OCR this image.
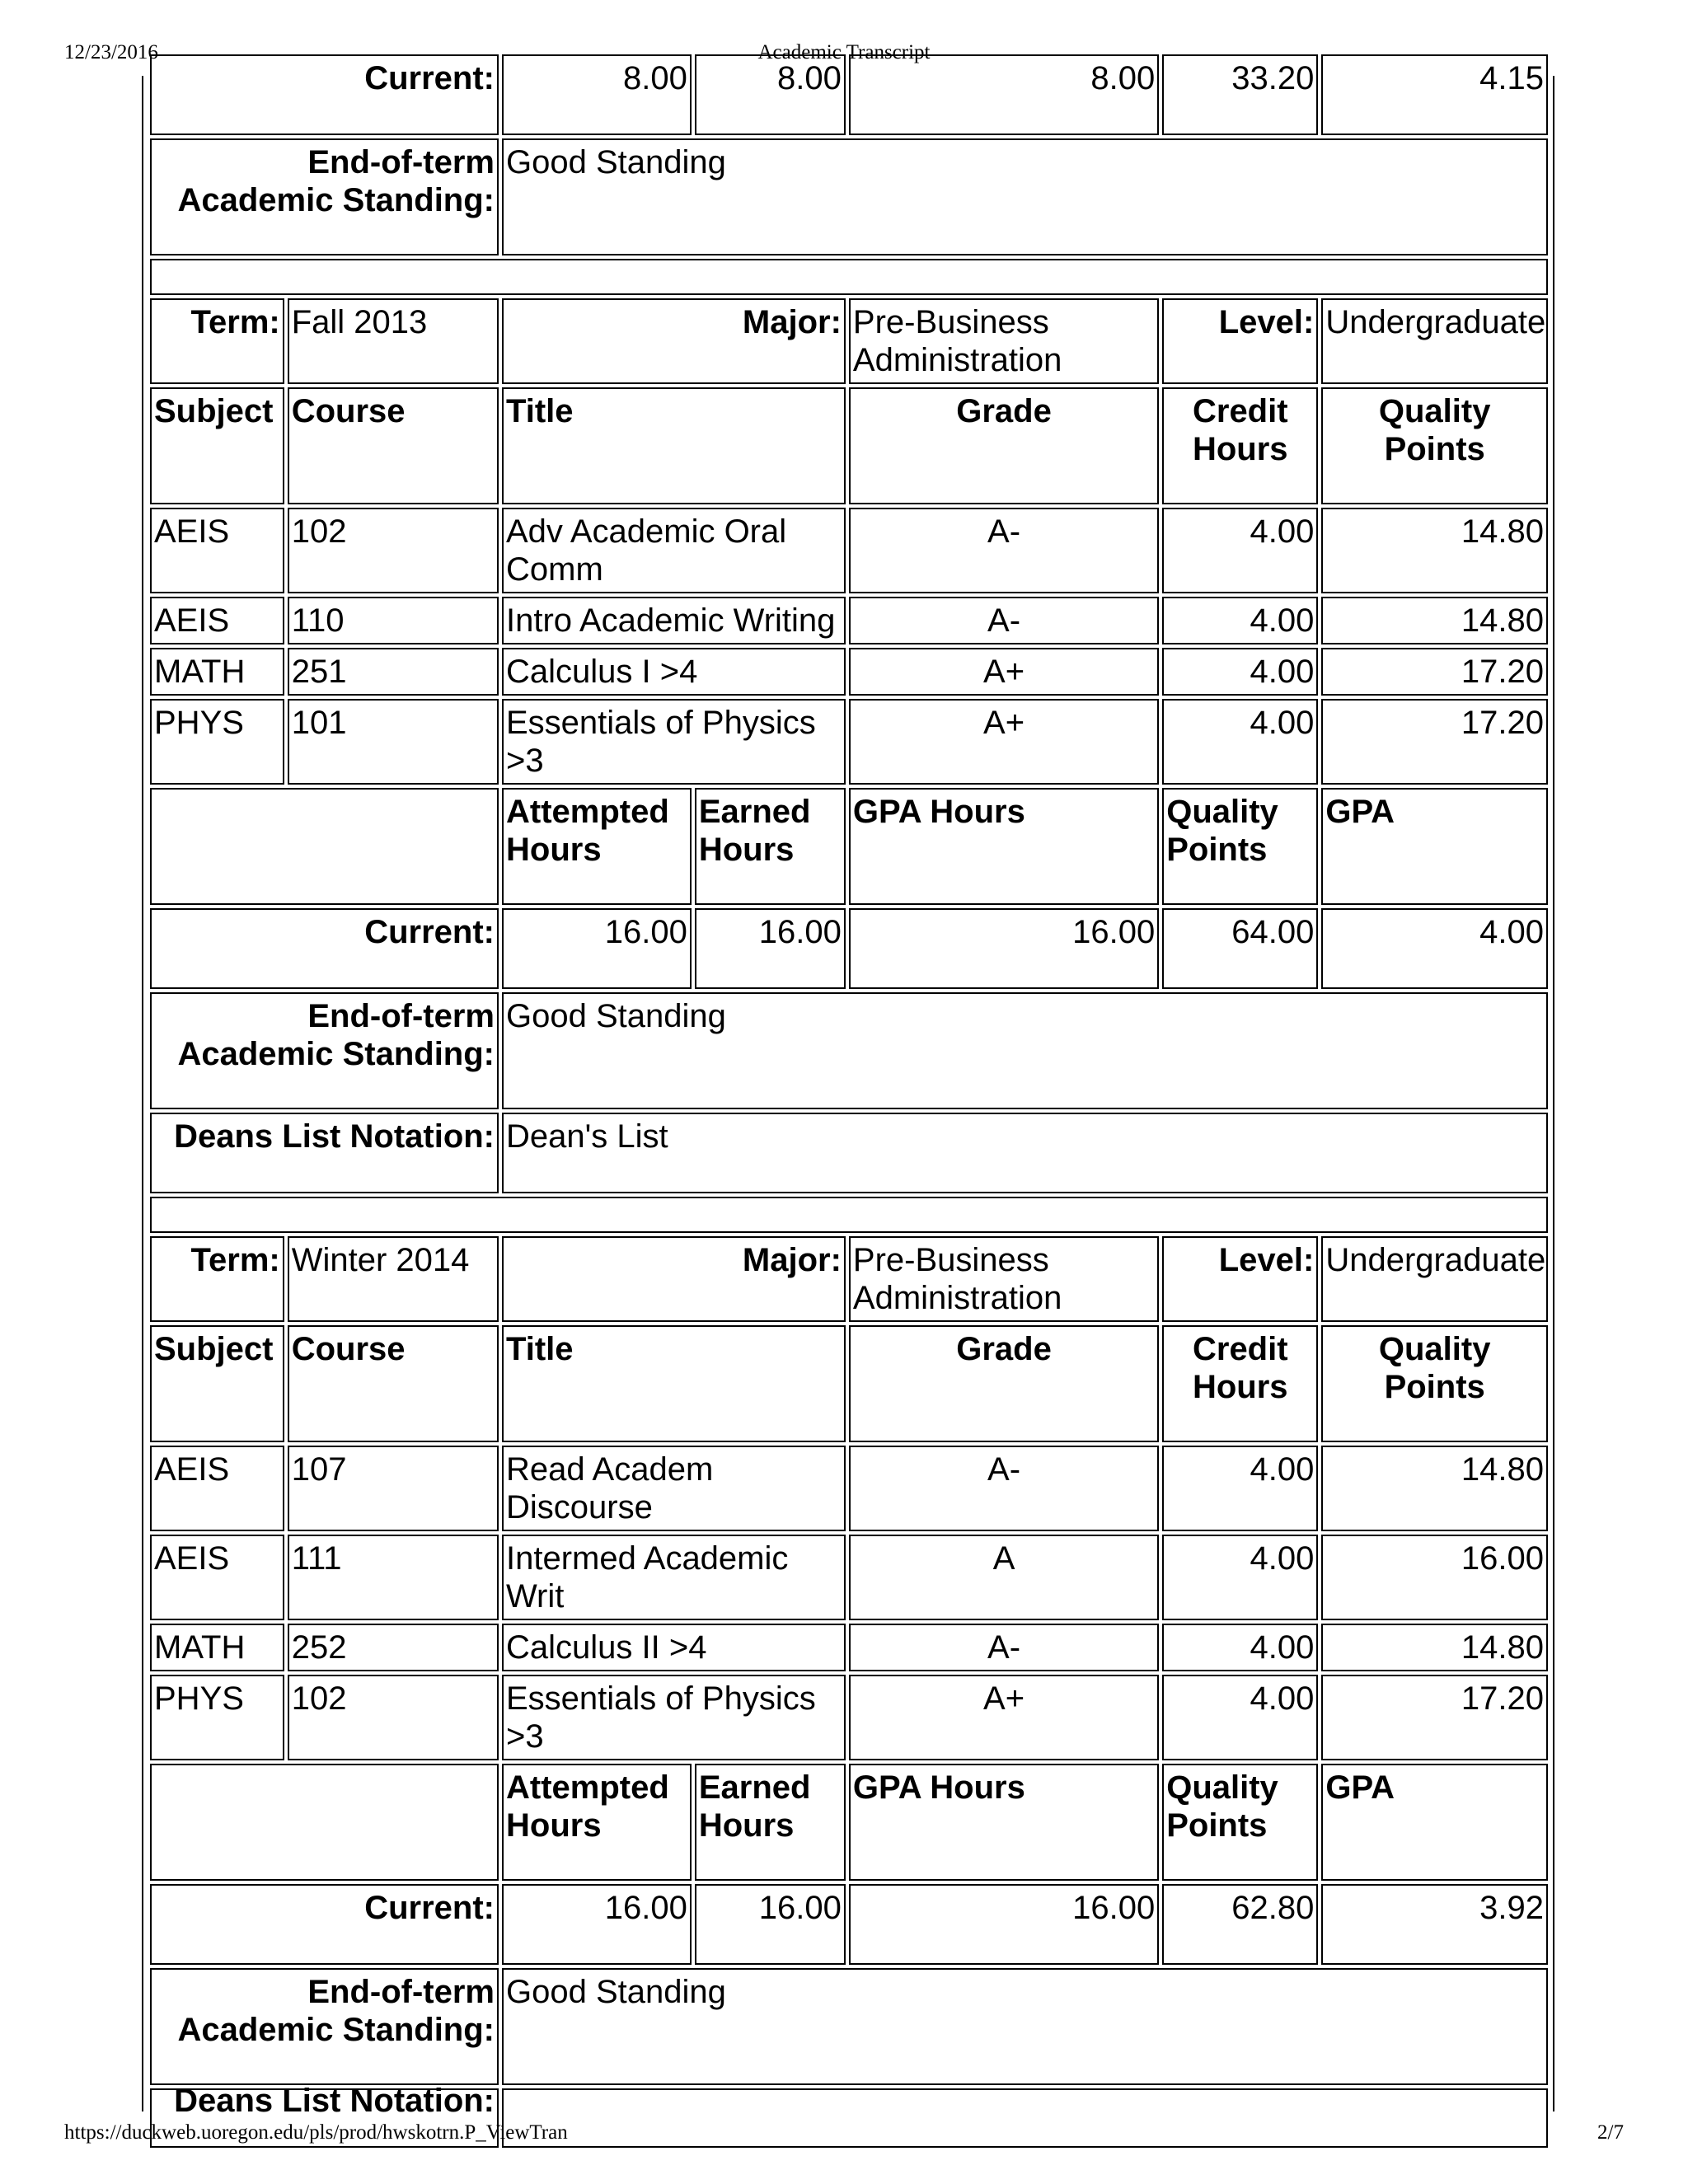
12/23/2016	Academic Transcript
Current:		8.00	8.00	8.00	33.20	4.15
End-of-term Academic Standing:		Good Standing				

Term:	Fall 2013	Major:		Pre-Business Administration	Level:	Undergraduate
Subject	Course	Title		Grade	Credit Hours	Quality Points
AEIS	102	Adv Academic Oral Comm		A-	4.00	14.80
AEIS	110	Intro Academic Writing		A-	4.00	14.80
MATH	251	Calculus I >4		A+	4.00	17.20
PHYS	101	Essentials of Physics >3		A+	4.00	17.20
		Attempted Hours	Earned Hours	GPA Hours	Quality Points	GPA
Current:		16.00	16.00	16.00	64.00	4.00
End-of-term Academic Standing:		Good Standing				
Deans List Notation:		Dean's List				

Term:	Winter 2014	Major:		Pre-Business Administration	Level:	Undergraduate
Subject	Course	Title		Grade	Credit Hours	Quality Points
AEIS	107	Read Academ Discourse		A-	4.00	14.80
AEIS	111	Intermed Academic Writ		A	4.00	16.00
MATH	252	Calculus II >4		A-	4.00	14.80
PHYS	102	Essentials of Physics >3		A+	4.00	17.20
		Attempted Hours	Earned Hours	GPA Hours	Quality Points	GPA
Current:		16.00	16.00	16.00	62.80	3.92
End-of-term Academic Standing:		Good Standing				

Deans List Notation:						

https://duckweb.uoregon.edu/pls/prod/hwskotrn.P_ViewTran	2/7
